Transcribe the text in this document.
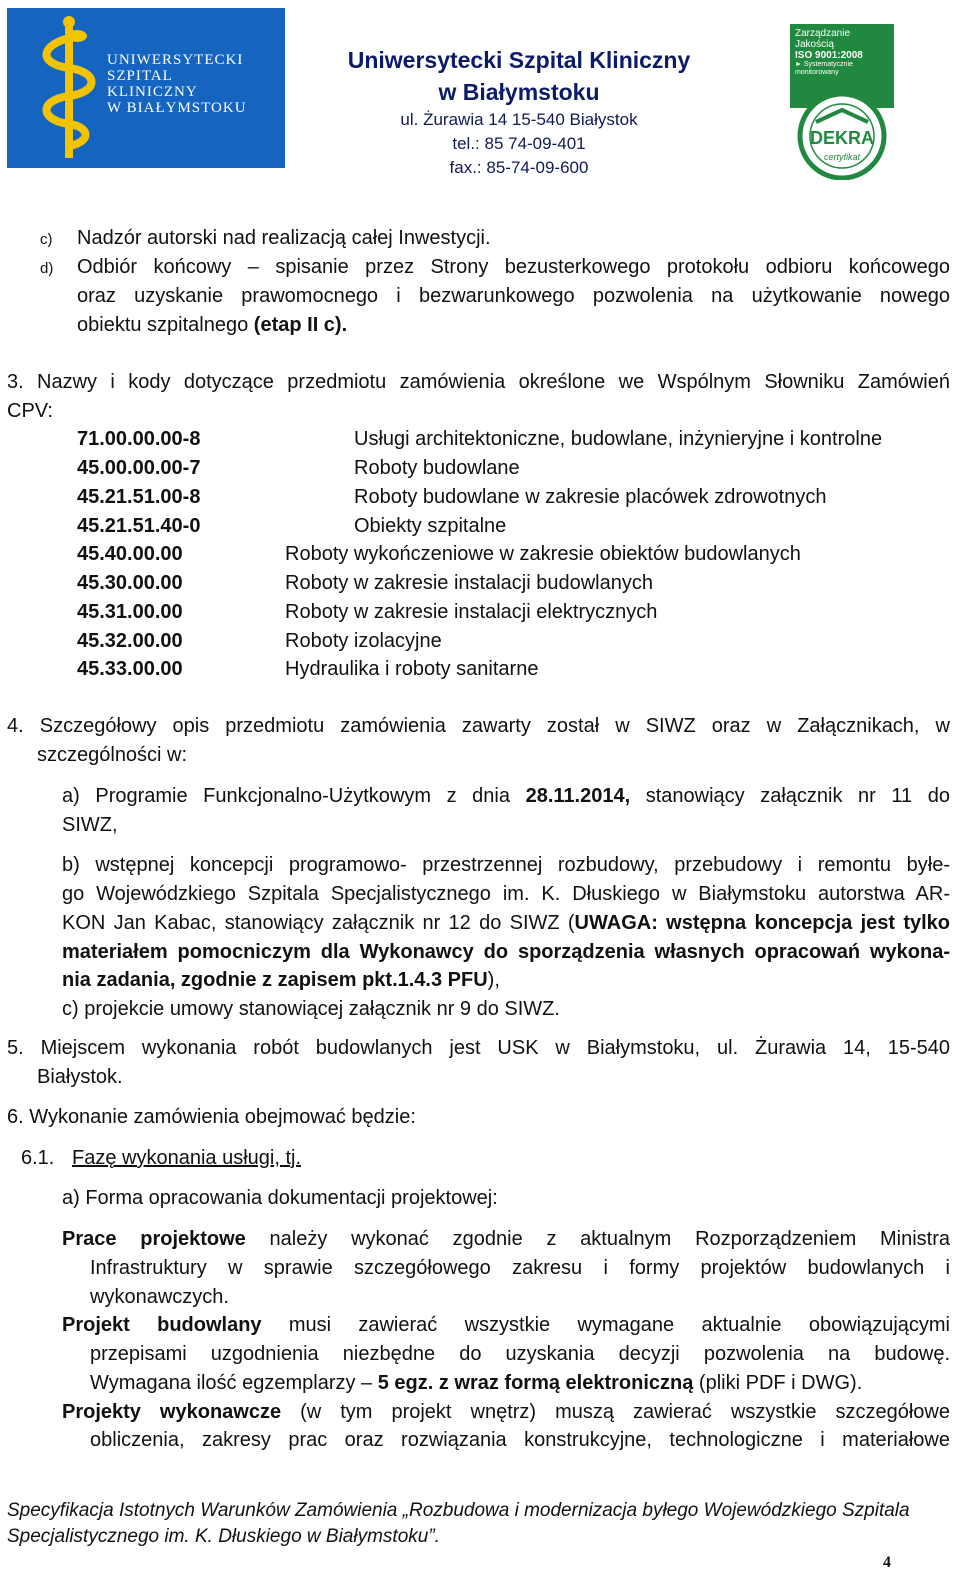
UNIWERSYTECKI
SZPITAL
KLINICZNY
W BIAŁYMSTOKU
Uniwersytecki Szpital Kliniczny
w Białymstoku
ul. Żurawia 14 15-540 Białystok
tel.: 85 74-09-401
fax.: 85-74-09-600
Zarządzanie Jakością
ISO 9001:2008
► Systematycznie monitorowany
DEKRA
certyfikat
c) Nadzór autorski nad realizacją całej Inwestycji.
d) Odbiór końcowy – spisanie przez Strony bezusterkowego protokołu odbioru końcowego
oraz uzyskanie prawomocnego i bezwarunkowego pozwolenia na użytkowanie nowego
obiektu szpitalnego (etap II c).
3. Nazwy i kody dotyczące przedmiotu zamówienia określone we Wspólnym Słowniku Zamówień
CPV:
71.00.00.00-8	Usługi architektoniczne, budowlane, inżynieryjne i kontrolne
45.00.00.00-7	Roboty budowlane
45.21.51.00-8	Roboty budowlane w zakresie placówek zdrowotnych
45.21.51.40-0	Obiekty szpitalne
45.40.00.00	Roboty wykończeniowe w zakresie obiektów budowlanych
45.30.00.00	Roboty w zakresie instalacji budowlanych
45.31.00.00	Roboty w zakresie instalacji elektrycznych
45.32.00.00	Roboty izolacyjne
45.33.00.00	Hydraulika i roboty sanitarne
4. Szczegółowy opis przedmiotu zamówienia zawarty został w SIWZ oraz w Załącznikach, w
szczególności w:
a) Programie Funkcjonalno-Użytkowym z dnia 28.11.2014, stanowiący załącznik nr 11 do
SIWZ,
b) wstępnej koncepcji programowo- przestrzennej rozbudowy, przebudowy i remontu byłe-
go Wojewódzkiego Szpitala Specjalistycznego im. K. Dłuskiego w Białymstoku autorstwa AR-
KON Jan Kabac, stanowiący załącznik nr 12 do SIWZ (UWAGA: wstępna koncepcja jest tylko
materiałem pomocniczym dla Wykonawcy do sporządzenia własnych opracowań wykona-
nia zadania, zgodnie z zapisem pkt.1.4.3 PFU),
c) projekcie umowy stanowiącej załącznik nr 9 do SIWZ.
5. Miejscem wykonania robót budowlanych jest USK w Białymstoku, ul. Żurawia 14, 15-540
Białystok.
6. Wykonanie zamówienia obejmować będzie:
6.1. Fazę wykonania usługi, tj.
a) Forma opracowania dokumentacji projektowej:
Prace projektowe należy wykonać zgodnie z aktualnym Rozporządzeniem Ministra
Infrastruktury w sprawie szczegółowego zakresu i formy projektów budowlanych i
wykonawczych.
Projekt budowlany musi zawierać wszystkie wymagane aktualnie obowiązującymi
przepisami uzgodnienia niezbędne do uzyskania decyzji pozwolenia na budowę.
Wymagana ilość egzemplarzy – 5 egz. z wraz formą elektroniczną (pliki PDF i DWG).
Projekty wykonawcze (w tym projekt wnętrz) muszą zawierać wszystkie szczegółowe
obliczenia, zakresy prac oraz rozwiązania konstrukcyjne, technologiczne i materiałowe
Specyfikacja Istotnych Warunków Zamówienia „Rozbudowa i modernizacja byłego Wojewódzkiego Szpitala
Specjalistycznego im. K. Dłuskiego w Białymstoku”.
4
